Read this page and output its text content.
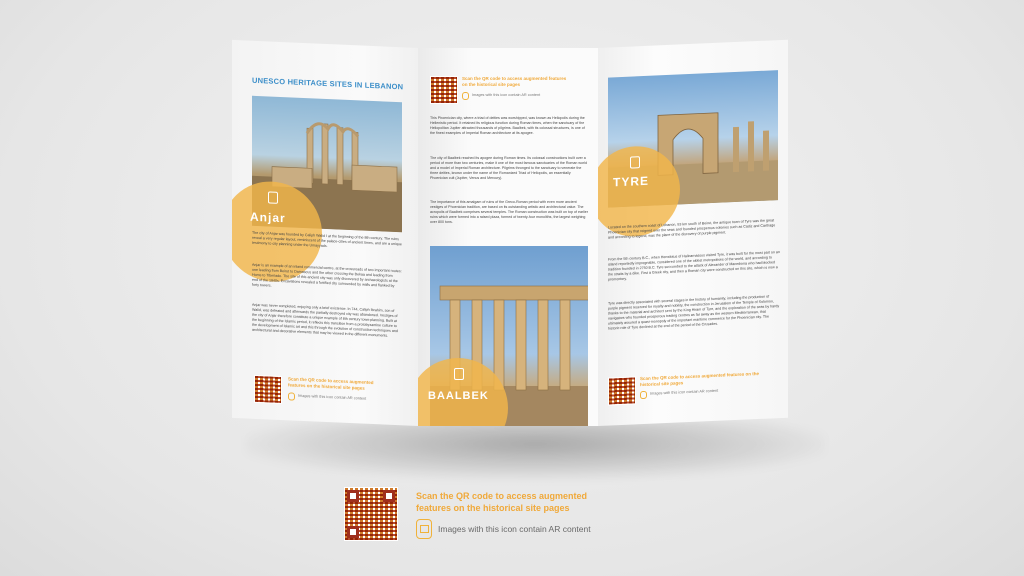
UNESCO HERITAGE SITES IN LEBANON
Anjar
The city of Anjar was founded by Caliph Walid I at the beginning of the 8th century. The ruins reveal a very regular layout, reminiscent of the palace-cities of ancient times, and are a unique testimony to city planning under the Umayyads.
Anjar is an example of an inland commercial centre, at the crossroads of two important routes: one leading from Beirut to Damascus and the other crossing the Bekaa and leading from Homs to Tiberiade. The site of this ancient city was only discovered by archaeologists at the end of the 1940s. Excavations revealed a fortified city surrounded by walls and flanked by forty towers.
Anjar was never completed, enjoying only a brief existence. In 744, Caliph Ibrahim, son of Walid, was defeated and afterwards the partially destroyed city was abandoned. Vestiges of the city of Anjar therefore constitute a unique example of 8th century town-planning. Built at the beginning of the Islamic period, it reflects this transition from a protobyzantine culture to the development of Islamic art and this through the evolution of construction techniques and architectural and decorative elements that may be viewed in the different monuments.
Scan the QR code to access augmented features on the historical site pages
Images with this icon contain AR content
Scan the QR code to access augmented features on the historical site pages
Images with this icon contain AR content
This Phoenician city, where a triad of deities was worshipped, was known as Heliopolis during the Hellenistic period. It retained its religious function during Roman times, when the sanctuary of the Heliopolitan Jupiter attracted thousands of pilgrims. Baalbek, with its colossal structures, is one of the finest examples of Imperial Roman architecture at its apogee.
The city of Baalbek reached its apogee during Roman times. Its colossal constructions built over a period of more than two centuries, make it one of the most famous sanctuaries of the Roman world and a model of Imperial Roman architecture. Pilgrims thronged to the sanctuary to venerate the three deities, known under the name of the Romanized Triad of Heliopolis, an essentially Phoenician cult (Jupiter, Venus and Mercury).
The importance of this amalgam of ruins of the Greco-Roman period with even more ancient vestiges of Phoenician tradition, are based on its outstanding artistic and architectural value. The acropolis of Baalbek comprises several temples. The Roman construction was built on top of earlier ruins which were formed into a raised plaza, formed of twenty-four monoliths, the largest weighing over 800 tons.
BAALBEK
TYRE
Located on the southern coast of Lebanon, 83 km south of Beirut, the antique town of Tyre was the great Phoenician city that reigned over the seas and founded prosperous colonies such as Cadiz and Carthage and according to legend, was the place of the discovery of purple pigment.
From the 5th century B.C., when Herodotus of Halicarnassus visited Tyre, it was built for the most part on an island reportedly impregnable, considered one of the oldest metropolises of the world, and according to tradition founded in 2750 B.C. Tyre succumbed to the attack of Alexander of Macedonia who had blocked the straits by a dike. First a Greek city, and then a Roman city were constructed on this site, which is now a promontory.
Tyre was directly associated with several stages in the history of humanity, including the production of purple pigment reserved for royalty and nobility, the construction in Jerusalem of the Temple of Solomon, thanks to the material and architect sent by the King Hiram of Tyre, and the exploration of the seas by hardy navigators who founded prosperous trading centres as far away as the western Mediterranean, that ultimately assured a quasi-monopoly of the important maritime commerce for the Phoenician city. The historic role of Tyre declined at the end of the period of the Crusades.
Scan the QR code to access augmented features on the historical site pages
Images with this icon contain AR content
Scan the QR code to access augmented
features on the historical site pages
Images with this icon contain AR content
